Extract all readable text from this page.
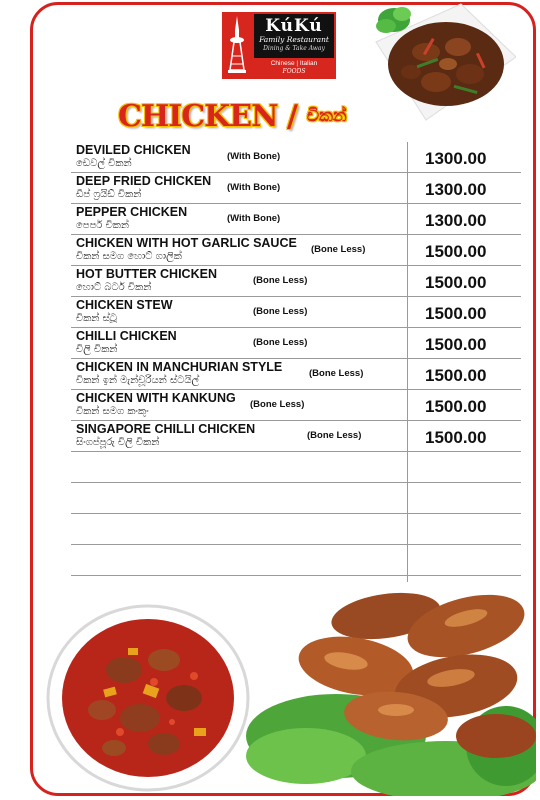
KúKú
Family Restaurant
Dining & Take Away
Chinese | Italian
FOODS
CHICKEN / චිකන්
DEVILED CHICKEN
ඩෙවල් චිකන්
(With Bone)	1300.00
DEEP FRIED CHICKEN
ඩීප් ෆ්‍රයිඩ් චිකන්
(With Bone)	1300.00
PEPPER CHICKEN
පෙපර් චිකන්
(With Bone)	1300.00
CHICKEN WITH HOT GARLIC SAUCE
චිකන් සමග හොට් ගාලික්
(Bone Less)	1500.00
HOT BUTTER CHICKEN
හොට් බටර් චිකන්
(Bone Less)	1500.00
CHICKEN STEW
චිකන් ස්ටූ
(Bone Less)	1500.00
CHILLI CHICKEN
චිලි චිකන්
(Bone Less)	1500.00
CHICKEN IN MANCHURIAN STYLE
චිකන් ඉන් මැන්චූරියන් ස්ටයිල්
(Bone Less)	1500.00
CHICKEN WITH KANKUNG
චිකන් සමග කංකුං
(Bone Less)	1500.00
SINGAPORE CHILLI CHICKEN
සිංගප්පූරු චිලි චිකන්
(Bone Less)	1500.00
